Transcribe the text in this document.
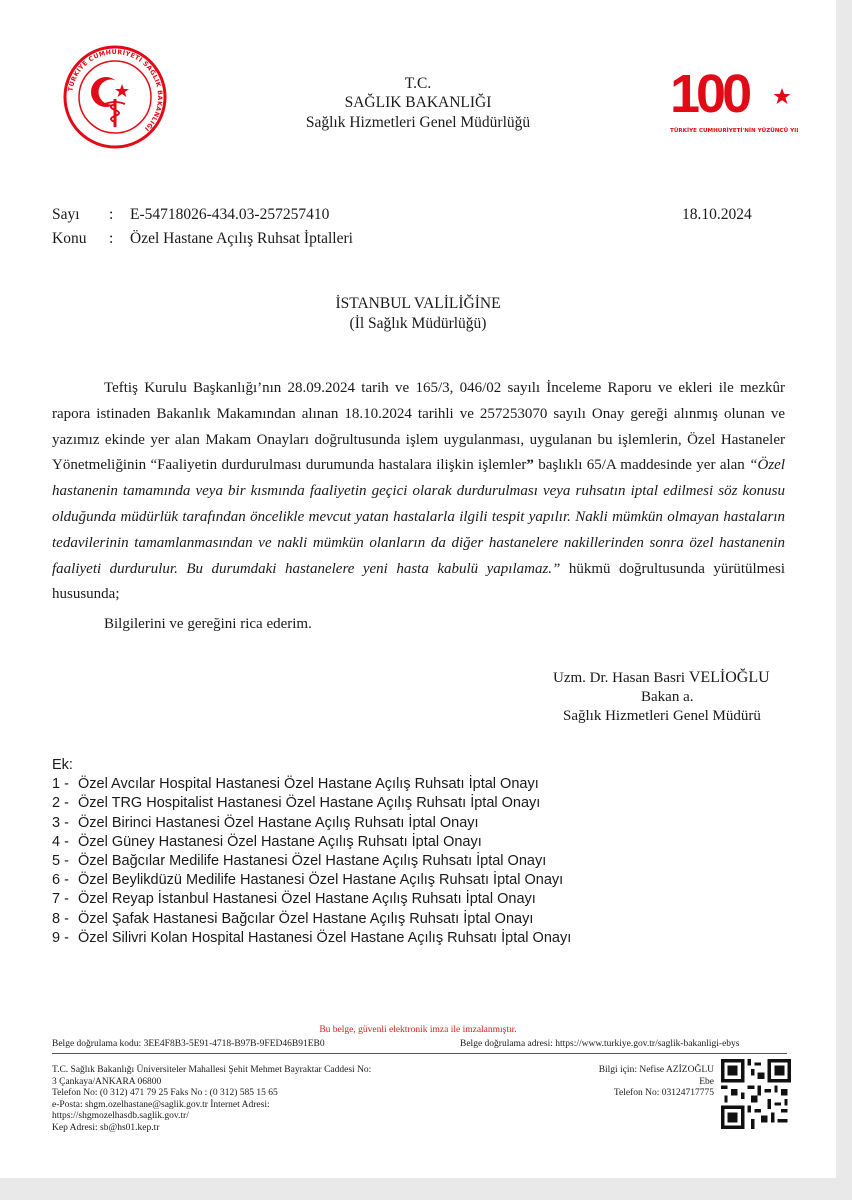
TÜRKİYE CUMHURİYETİ SAĞLIK BAKANLIĞI
100
TÜRKİYE CUMHURİYETİ'NİN YÜZÜNCÜ YILI
T.C.
SAĞLIK BAKANLIĞI
Sağlık Hizmetleri Genel Müdürlüğü
Sayı : E-54718026-434.03-257257410	18.10.2024
Konu : Özel Hastane Açılış Ruhsat İptalleri
İSTANBUL VALİLİĞİNE
(İl Sağlık Müdürlüğü)

Teftiş Kurulu Başkanlığı’nın 28.09.2024 tarih ve 165/3, 046/02 sayılı İnceleme Raporu ve ekleri ile mezkûr rapora istinaden Bakanlık Makamından alınan 18.10.2024 tarihli ve 257253070 sayılı Onay gereği alınmış olunan ve yazımız ekinde yer alan Makam Onayları doğrultusunda işlem uygulanması, uygulanan bu işlemlerin, Özel Hastaneler Yönetmeliğinin “Faaliyetin durdurulması durumunda hastalara ilişkin işlemler” başlıklı 65/A maddesinde yer alan “Özel hastanenin tamamında veya bir kısmında faaliyetin geçici olarak durdurulması veya ruhsatın iptal edilmesi söz konusu olduğunda müdürlük tarafından öncelikle mevcut yatan hastalarla ilgili tespit yapılır. Nakli mümkün olmayan hastaların tedavilerinin tamamlanmasından ve nakli mümkün olanların da diğer hastanelere nakillerinden sonra özel hastanenin faaliyeti durdurulur. Bu durumdaki hastanelere yeni hasta kabulü yapılamaz.” hükmü doğrultusunda yürütülmesi hususunda;

Bilgilerini ve gereğini rica ederim.

Uzm. Dr. Hasan Basri VELİOĞLU
Bakan a.
Sağlık Hizmetleri Genel Müdürü
Ek:
1 - Özel Avcılar Hospital Hastanesi Özel Hastane Açılış Ruhsatı İptal Onayı
2 - Özel TRG Hospitalist Hastanesi Özel Hastane Açılış Ruhsatı İptal Onayı
3 - Özel Birinci Hastanesi Özel Hastane Açılış Ruhsatı İptal Onayı
4 - Özel Güney Hastanesi Özel Hastane Açılış Ruhsatı İptal Onayı
5 - Özel Bağcılar Medilife Hastanesi Özel Hastane Açılış Ruhsatı İptal Onayı
6 - Özel Beylikdüzü Medilife Hastanesi Özel Hastane Açılış Ruhsatı İptal Onayı
7 - Özel Reyap İstanbul Hastanesi Özel Hastane Açılış Ruhsatı İptal Onayı
8 - Özel Şafak Hastanesi Bağcılar Özel Hastane Açılış Ruhsatı İptal Onayı
9 - Özel Silivri Kolan Hospital Hastanesi Özel Hastane Açılış Ruhsatı İptal Onayı
Bu belge, güvenli elektronik imza ile imzalanmıştır.
Belge doğrulama kodu: 3EE4F8B3-5E91-4718-B97B-9FED46B91EB0	Belge doğrulama adresi: https://www.turkiye.gov.tr/saglik-bakanligi-ebys
T.C. Sağlık Bakanlığı Üniversiteler Mahallesi Şehit Mehmet Bayraktar Caddesi No:
3 Çankaya/ANKARA 06800
Telefon No: (0 312) 471 79 25 Faks No : (0 312) 585 15 65
e-Posta: shgm.ozelhastane@saglik.gov.tr İnternet Adresi:
https://shgmozelhasdb.saglik.gov.tr/
Kep Adresi: sb@hs01.kep.tr
Bilgi için: Nefise AZİZOĞLU
Ebe
Telefon No: 03124717775
